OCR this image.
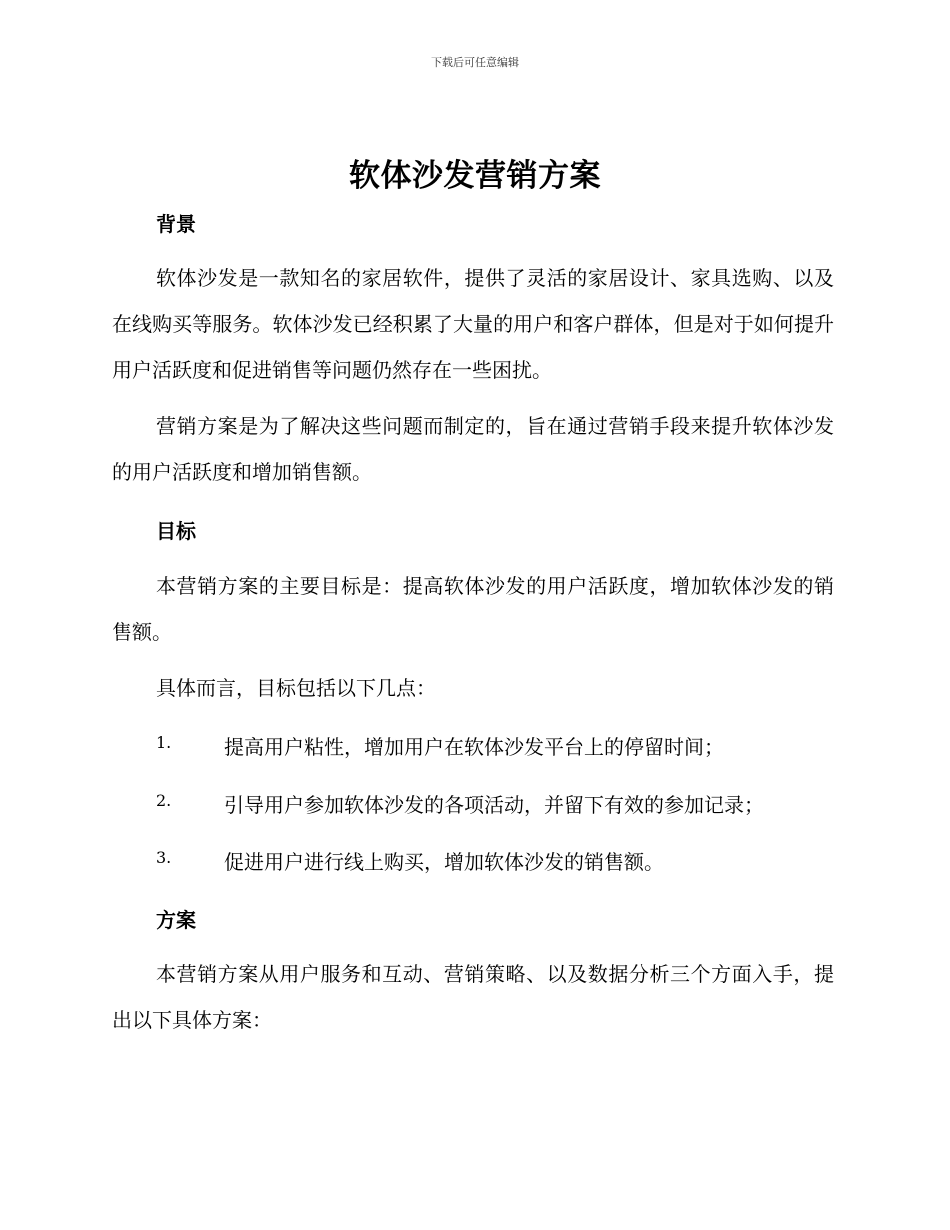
下载后可任意编辑
软体沙发营销方案
背景
软体沙发是一款知名的家居软件，提供了灵活的家居设计、家具选购、以及在线购买等服务。软体沙发已经积累了大量的用户和客户群体，但是对于如何提升用户活跃度和促进销售等问题仍然存在一些困扰。
营销方案是为了解决这些问题而制定的，旨在通过营销手段来提升软体沙发的用户活跃度和增加销售额。
目标
本营销方案的主要目标是：提高软体沙发的用户活跃度，增加软体沙发的销售额。
具体而言，目标包括以下几点：
1.	提高用户粘性，增加用户在软体沙发平台上的停留时间；
2.	引导用户参加软体沙发的各项活动，并留下有效的参加记录；
3.	促进用户进行线上购买，增加软体沙发的销售额。
方案
本营销方案从用户服务和互动、营销策略、以及数据分析三个方面入手，提出以下具体方案：
